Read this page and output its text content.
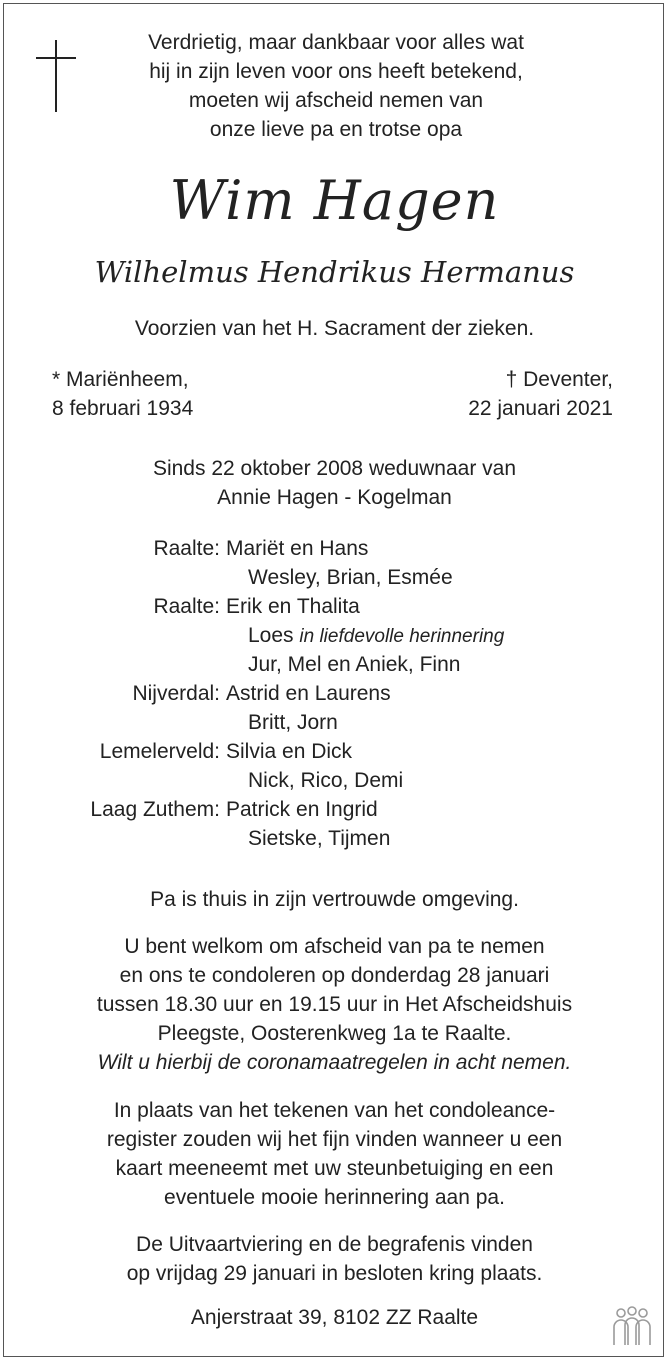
Verdrietig, maar dankbaar voor alles wat
hij in zijn leven voor ons heeft betekend,
moeten wij afscheid nemen van
onze lieve pa en trotse opa
Wim Hagen
Wilhelmus Hendrikus Hermanus
Voorzien van het H. Sacrament der zieken.
* Mariënheem,
8 februari 1934
† Deventer,
22 januari 2021
Sinds 22 oktober 2008 weduwnaar van
Annie Hagen - Kogelman
Raalte: Mariët en Hans
Wesley, Brian, Esmée
Raalte: Erik en Thalita
Loes in liefdevolle herinnering
Jur, Mel en Aniek, Finn
Nijverdal: Astrid en Laurens
Britt, Jorn
Lemelerveld: Silvia en Dick
Nick, Rico, Demi
Laag Zuthem: Patrick en Ingrid
Sietske, Tijmen
Pa is thuis in zijn vertrouwde omgeving.
U bent welkom om afscheid van pa te nemen
en ons te condoleren op donderdag 28 januari
tussen 18.30 uur en 19.15 uur in Het Afscheidshuis
Pleegste, Oosterenkweg 1a te Raalte.
Wilt u hierbij de coronamaatregelen in acht nemen.
In plaats van het tekenen van het condoleance-
register zouden wij het fijn vinden wanneer u een
kaart meeneemt met uw steunbetuiging en een
eventuele mooie herinnering aan pa.
De Uitvaartviering en de begrafenis vinden
op vrijdag 29 januari in besloten kring plaats.
Anjerstraat 39, 8102 ZZ Raalte
